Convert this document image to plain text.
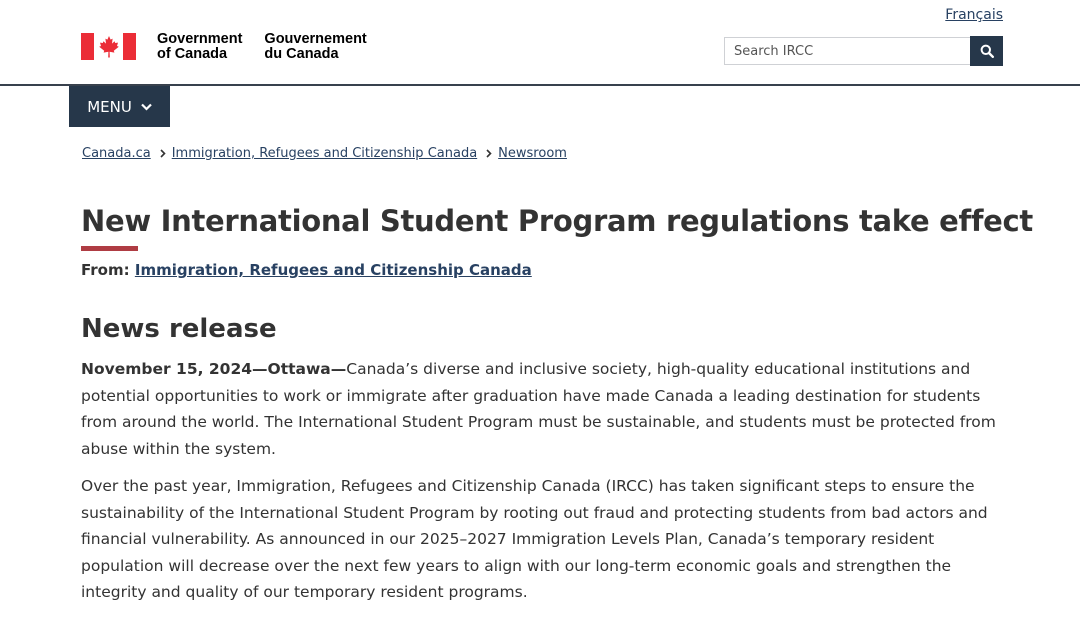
Français
Government
of Canada
Gouvernement
du Canada
Search IRCC
MENU
Canada.ca Immigration, Refugees and Citizenship Canada Newsroom
New International Student Program regulations take effect
From: Immigration, Refugees and Citizenship Canada
News release

November 15, 2024—Ottawa—Canada’s diverse and inclusive society, high-quality educational institutions and potential opportunities to work or immigrate after graduation have made Canada a leading destination for students from around the world. The International Student Program must be sustainable, and students must be protected from abuse within the system.

Over the past year, Immigration, Refugees and Citizenship Canada (IRCC) has taken significant steps to ensure the sustainability of the International Student Program by rooting out fraud and protecting students from bad actors and financial vulnerability. As announced in our 2025–2027 Immigration Levels Plan, Canada’s temporary resident population will decrease over the next few years to align with our long-term economic goals and strengthen the integrity and quality of our temporary resident programs.
